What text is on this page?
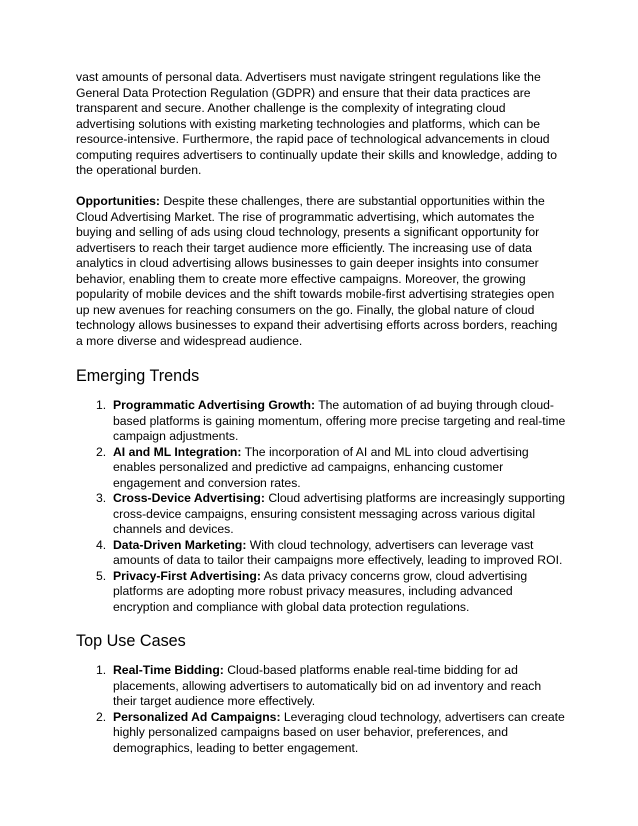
vast amounts of personal data. Advertisers must navigate stringent regulations like the General Data Protection Regulation (GDPR) and ensure that their data practices are transparent and secure. Another challenge is the complexity of integrating cloud advertising solutions with existing marketing technologies and platforms, which can be resource-intensive. Furthermore, the rapid pace of technological advancements in cloud computing requires advertisers to continually update their skills and knowledge, adding to the operational burden.

Opportunities: Despite these challenges, there are substantial opportunities within the Cloud Advertising Market. The rise of programmatic advertising, which automates the buying and selling of ads using cloud technology, presents a significant opportunity for advertisers to reach their target audience more efficiently. The increasing use of data analytics in cloud advertising allows businesses to gain deeper insights into consumer behavior, enabling them to create more effective campaigns. Moreover, the growing popularity of mobile devices and the shift towards mobile-first advertising strategies open up new avenues for reaching consumers on the go. Finally, the global nature of cloud technology allows businesses to expand their advertising efforts across borders, reaching a more diverse and widespread audience.

Emerging Trends
1. Programmatic Advertising Growth: The automation of ad buying through cloud-based platforms is gaining momentum, offering more precise targeting and real-time campaign adjustments.
2. AI and ML Integration: The incorporation of AI and ML into cloud advertising enables personalized and predictive ad campaigns, enhancing customer engagement and conversion rates.
3. Cross-Device Advertising: Cloud advertising platforms are increasingly supporting cross-device campaigns, ensuring consistent messaging across various digital channels and devices.
4. Data-Driven Marketing: With cloud technology, advertisers can leverage vast amounts of data to tailor their campaigns more effectively, leading to improved ROI.
5. Privacy-First Advertising: As data privacy concerns grow, cloud advertising platforms are adopting more robust privacy measures, including advanced encryption and compliance with global data protection regulations.
Top Use Cases
1. Real-Time Bidding: Cloud-based platforms enable real-time bidding for ad placements, allowing advertisers to automatically bid on ad inventory and reach their target audience more effectively.
2. Personalized Ad Campaigns: Leveraging cloud technology, advertisers can create highly personalized campaigns based on user behavior, preferences, and demographics, leading to better engagement.
